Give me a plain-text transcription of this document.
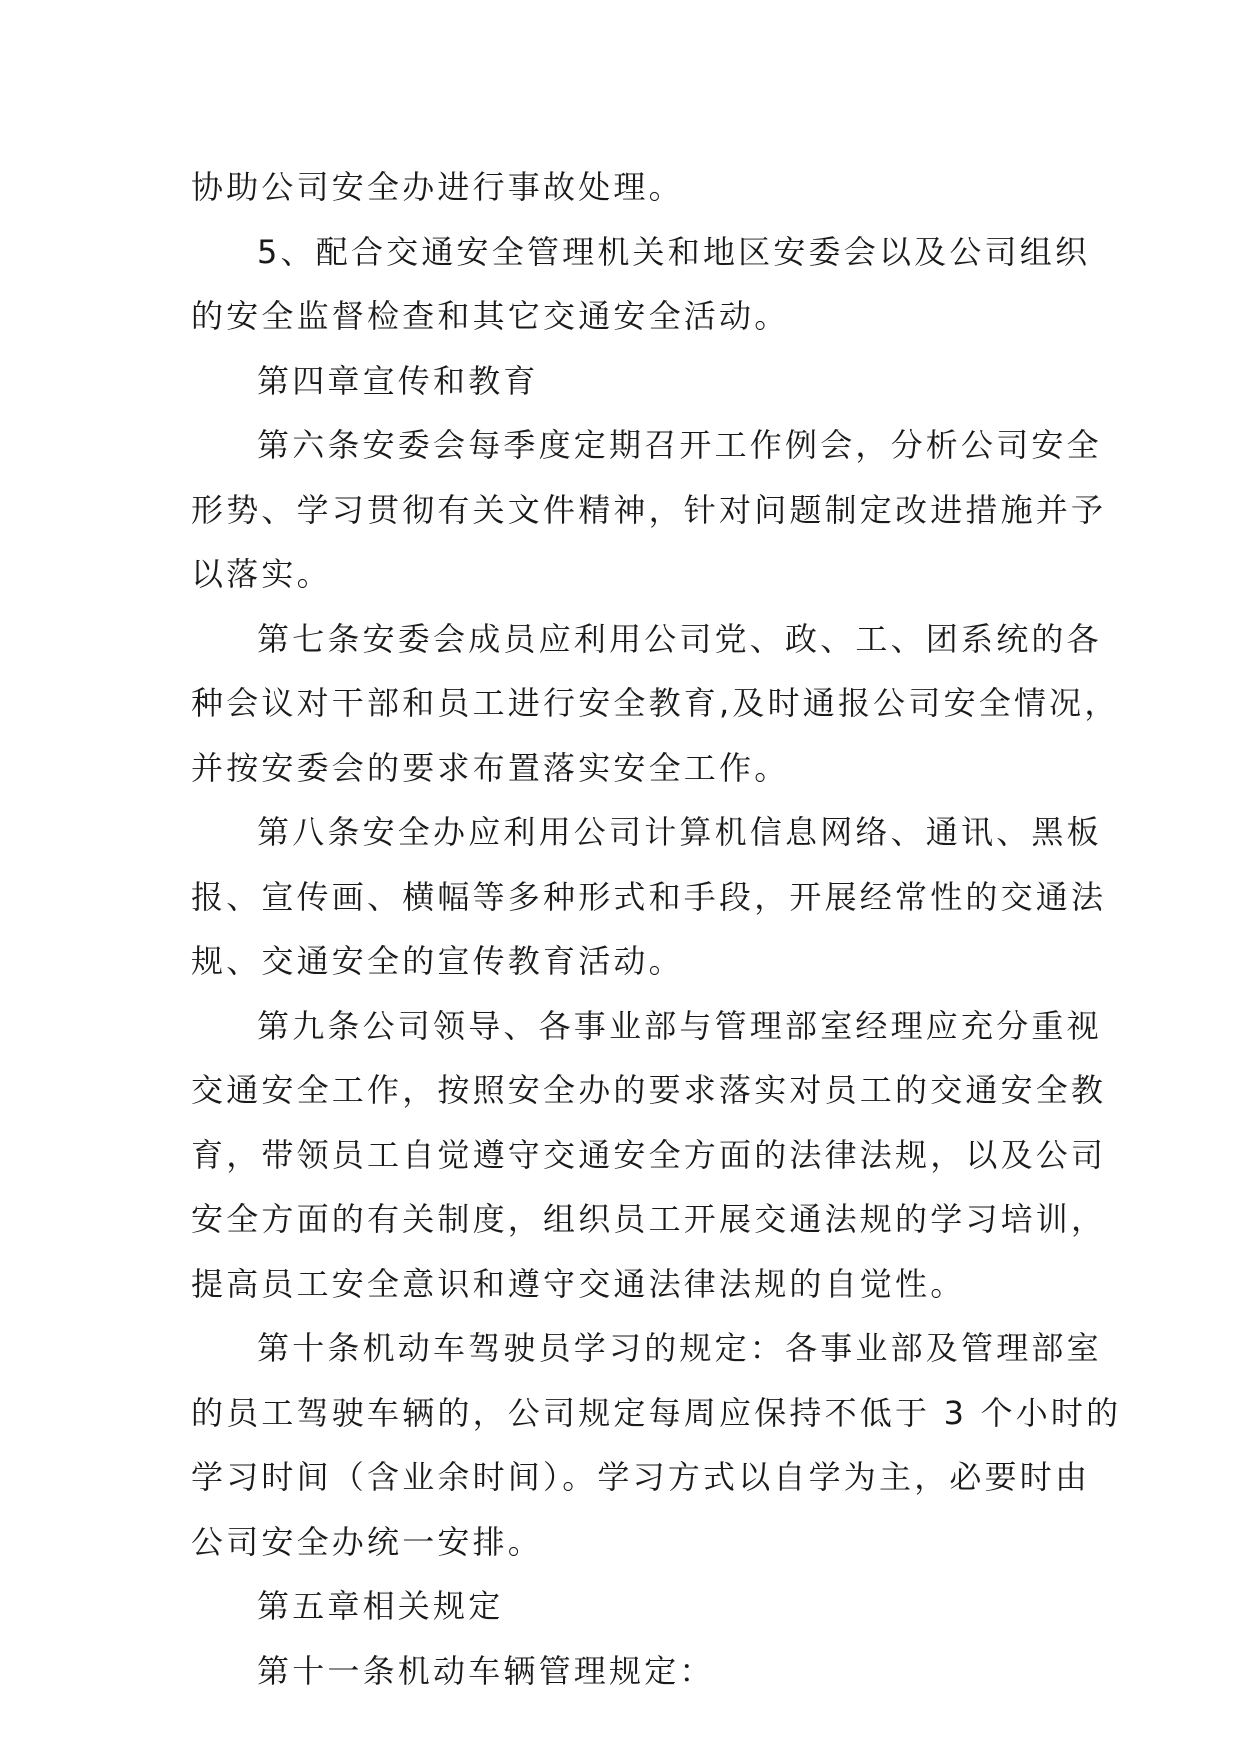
协助公司安全办进行事故处理。
5、配合交通安全管理机关和地区安委会以及公司组织
的安全监督检查和其它交通安全活动。
第四章宣传和教育
第六条安委会每季度定期召开工作例会，分析公司安全
形势、学习贯彻有关文件精神，针对问题制定改进措施并予
以落实。
第七条安委会成员应利用公司党、政、工、团系统的各
种会议对干部和员工进行安全教育,及时通报公司安全情况，
并按安委会的要求布置落实安全工作。
第八条安全办应利用公司计算机信息网络、通讯、黑板
报、宣传画、横幅等多种形式和手段，开展经常性的交通法
规、交通安全的宣传教育活动。
第九条公司领导、各事业部与管理部室经理应充分重视
交通安全工作，按照安全办的要求落实对员工的交通安全教
育，带领员工自觉遵守交通安全方面的法律法规，以及公司
安全方面的有关制度，组织员工开展交通法规的学习培训，
提高员工安全意识和遵守交通法律法规的自觉性。
第十条机动车驾驶员学习的规定：各事业部及管理部室
的员工驾驶车辆的，公司规定每周应保持不低于 3 个小时的
学习时间（含业余时间）。学习方式以自学为主，必要时由
公司安全办统一安排。
第五章相关规定
第十一条机动车辆管理规定：
